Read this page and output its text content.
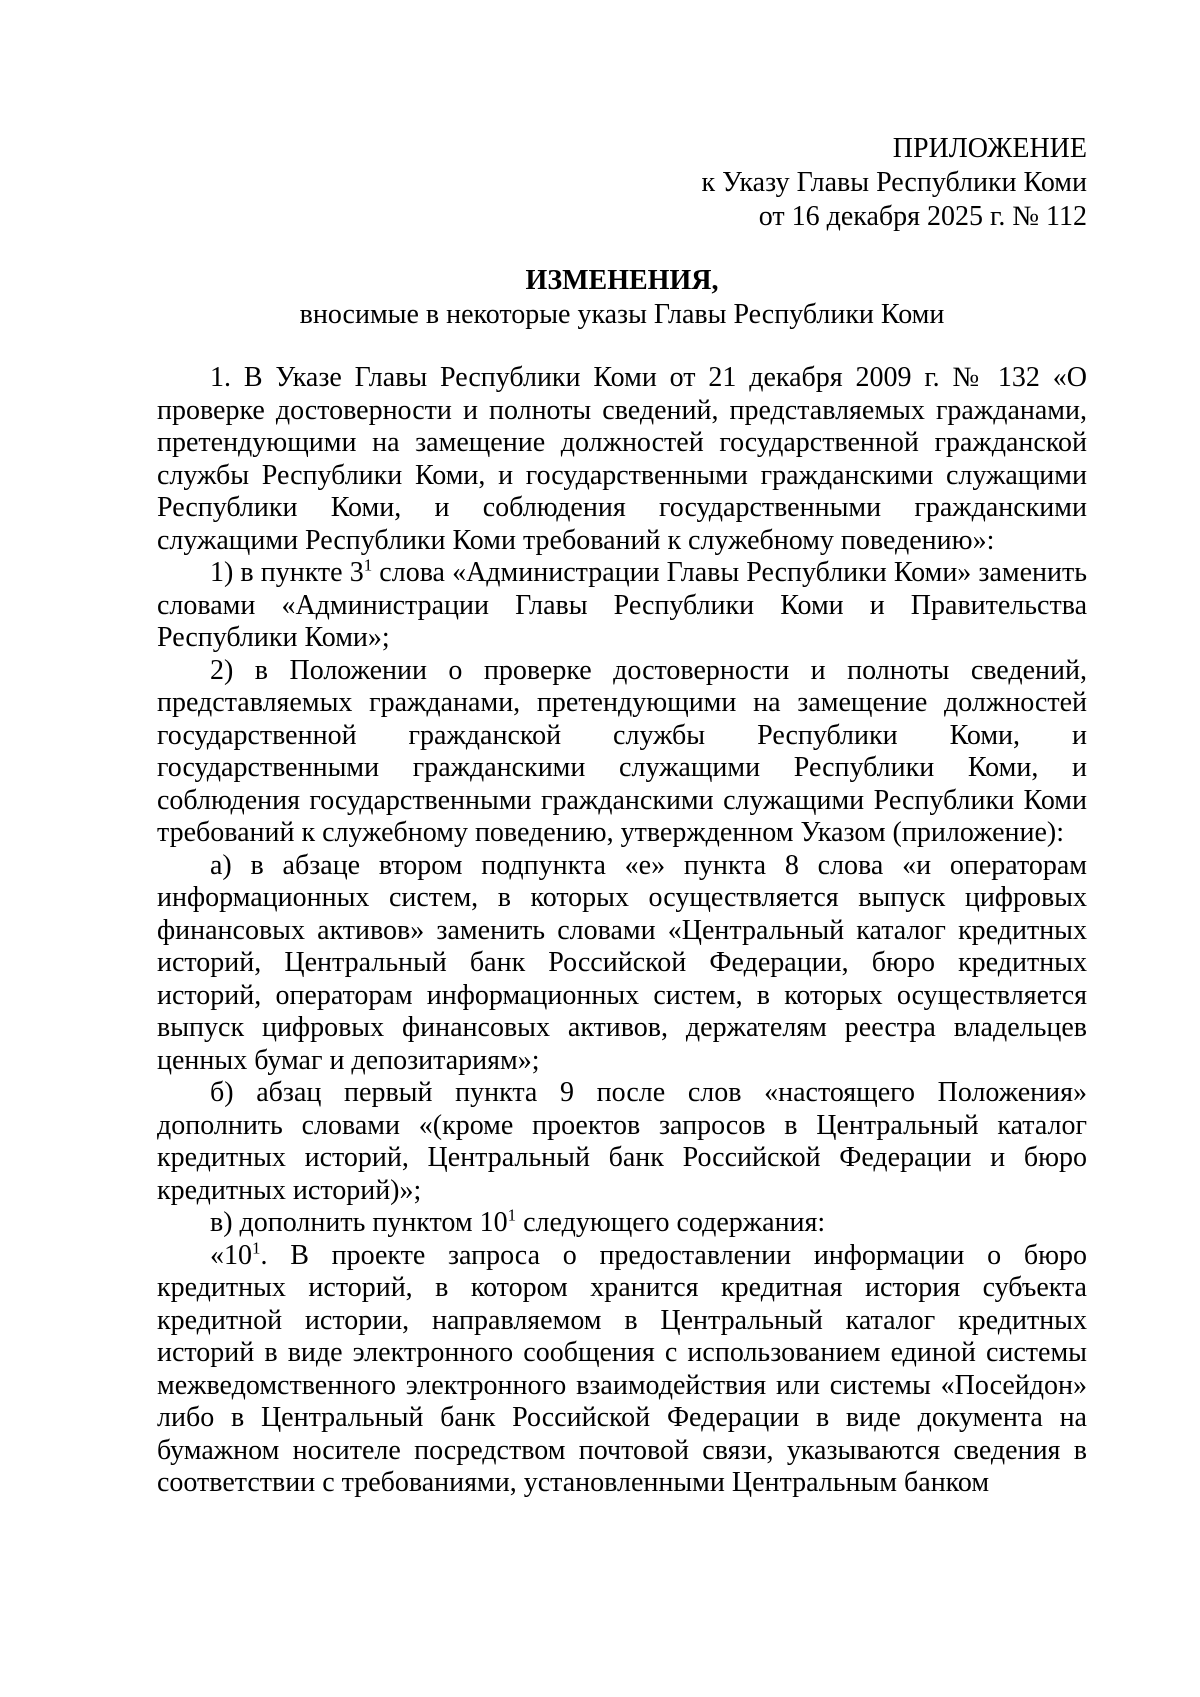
ПРИЛОЖЕНИЕ
к Указу Главы Республики Коми
от 16 декабря 2025 г. № 112
ИЗМЕНЕНИЯ,
вносимые в некоторые указы Главы Республики Коми

1. В Указе Главы Республики Коми от 21 декабря 2009 г. № 132 «О проверке достоверности и полноты сведений, представляемых гражданами, претендующими на замещение должностей государственной гражданской службы Республики Коми, и государственными гражданскими служащими Республики Коми, и соблюдения государственными гражданскими служащими Республики Коми требований к служебному поведению»:

1) в пункте $3^1$ слова «Администрации Главы Республики Коми» заменить словами «Администрации Главы Республики Коми и Правительства Республики Коми»;

2) в Положении о проверке достоверности и полноты сведений, представляемых гражданами, претендующими на замещение должностей государственной гражданской службы Республики Коми, и государственными гражданскими служащими Республики Коми, и соблюдения государственными гражданскими служащими Республики Коми требований к служебному поведению, утвержденном Указом (приложение):

а) в абзаце втором подпункта «е» пункта 8 слова «и операторам информационных систем, в которых осуществляется выпуск цифровых финансовых активов» заменить словами «Центральный каталог кредитных историй, Центральный банк Российской Федерации, бюро кредитных историй, операторам информационных систем, в которых осуществляется выпуск цифровых финансовых активов, держателям реестра владельцев ценных бумаг и депозитариям»;

б) абзац первый пункта 9 после слов «настоящего Положения» дополнить словами «(кроме проектов запросов в Центральный каталог кредитных историй, Центральный банк Российской Федерации и бюро кредитных историй)»;

в) дополнить пунктом $10^1$ следующего содержания:

«$10^1$. В проекте запроса о предоставлении информации о бюро кредитных историй, в котором хранится кредитная история субъекта кредитной истории, направляемом в Центральный каталог кредитных историй в виде электронного сообщения с использованием единой системы межведомственного электронного взаимодействия или системы «Посейдон» либо в Центральный банк Российской Федерации в виде документа на бумажном носителе посредством почтовой связи, указываются сведения в соответствии с требованиями, установленными Центральным банком
